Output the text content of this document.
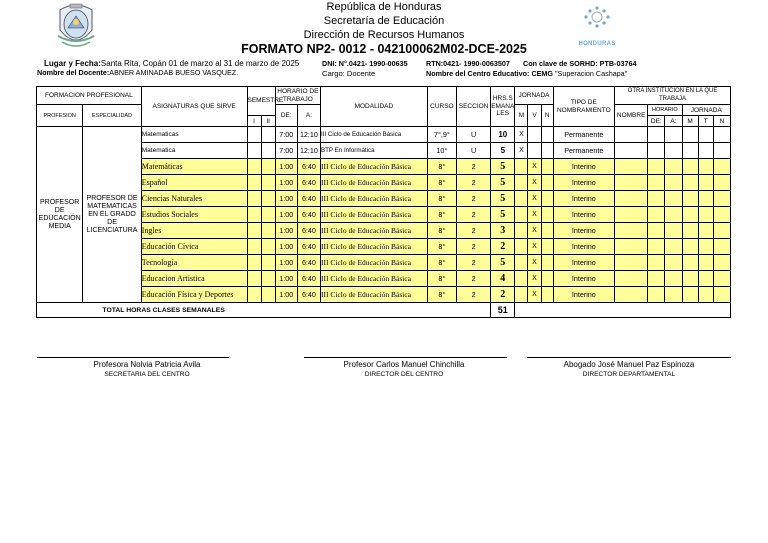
HONDURAS
República de Honduras
Secretaría de Educación
Dirección de Recursos Humanos
FORMATO NP2- 0012 - 042100062M02-DCE-2025
Lugar y Fecha:Santa Rita, Copán 01 de marzo al 31 de marzo de 2025
Nombre del Docente:ABNER AMINADAB BUESO VASQUEZ.
DNI: N°.0421- 1990-00635
Cargo: Docente
RTN:0421- 1990-0063507 Con clave de SORHD: PTB-03764
Nombre del Centro Educativo: CEMG "Superacion Cashapa"
FORMACION PROFESIONAL		ASIGNATURAS QUE SIRVE	SEMESTRE		HORARIO DE TRABAJO		MODALIDAD	CURSO	SECCION	HRS.SEMANALES	JORNADA			TIPO DE NOMBRAMIENTO	OTRA INSTITUCION EN LA QUE TRABAJA					
PROFESION	ESPECIALIDAD				DE:	A:					M	V	N		NOMBRE	HORARIO		JORNADA		
			I	II												DE:	A:	M	T	N
PROFESOR DE EDUCACIÓN MEDIA	PROFESOR DE MATEMATICAS EN EL GRADO DE LICENCIATURA	Matematicas			7:00	12:10	III Ciclo de Educación Básica	7°,9°	U	10	X			Permanente						
		Matematica			7:00	12:10	BTP En Informática	10°	U	5	X			Permanente						
		Matemáticas			1:00	6:40	III Ciclo de Educación Básica	8°	2	5		X		Interino						
		Español			1:00	6:40	III Ciclo de Educación Básica	8°	2	5		X		Interino						
		Ciencias Naturales			1:00	6:40	III Ciclo de Educación Básica	8°	2	5		X		Interino						
		Estudios Sociales			1:00	6:40	III Ciclo de Educación Básica	8°	2	5		X		Interino						
		Ingles			1:00	6:40	III Ciclo de Educación Básica	8°	2	3		X		Interino						
		Educación Cívica			1:00	6:40	III Ciclo de Educación Básica	8°	2	2		X		Interino						
		Tecnología			1:00	6:40	III Ciclo de Educación Básica	8°	2	5		X		Interino						
		Educacion Artistica			1:00	6:40	III Ciclo de Educación Básica	8°	2	4		X		Interino						
		Educación Física y Deportes			1:00	6:40	III Ciclo de Educación Básica	8°	2	2		X		Interino						
TOTAL HORAS CLASES SEMANALES										51										
Profesora Nolvia Patricia Avila
SECRETARIA DEL CENTRO
Profesor Carlos Manuel Chinchilla
DIRECTOR DEL CENTRO
Abogado José Manuel Paz Espinoza
DIRECTOR DEPARTAMENTAL
